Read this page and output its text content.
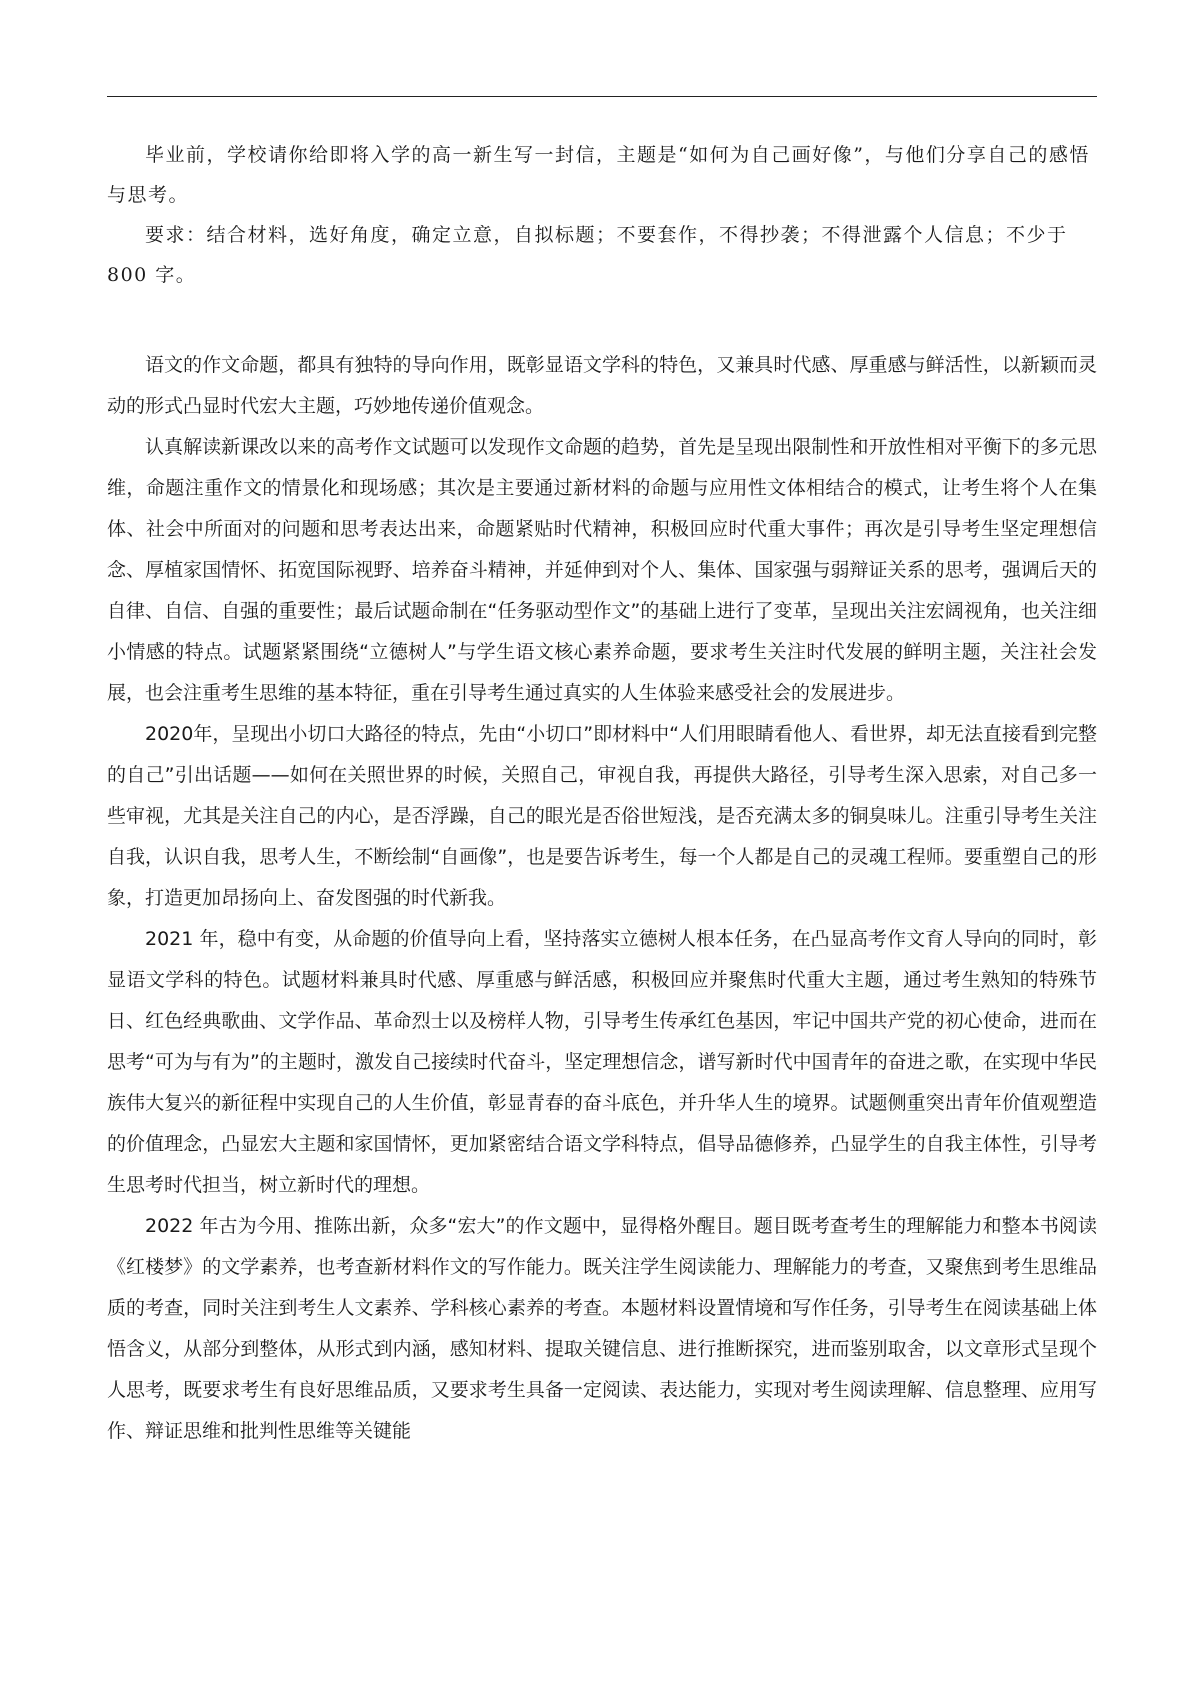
毕业前，学校请你给即将入学的高一新生写一封信，主题是“如何为自己画好像”，与他们分享自己的感悟与思考。

要求：结合材料，选好角度，确定立意，自拟标题；不要套作，不得抄袭；不得泄露个人信息；不少于 800 字。

语文的作文命题，都具有独特的导向作用，既彰显语文学科的特色，又兼具时代感、厚重感与鲜活性，以新颖而灵动的形式凸显时代宏大主题，巧妙地传递价值观念。

认真解读新课改以来的高考作文试题可以发现作文命题的趋势，首先是呈现出限制性和开放性相对平衡下的多元思维，命题注重作文的情景化和现场感；其次是主要通过新材料的命题与应用性文体相结合的模式，让考生将个人在集体、社会中所面对的问题和思考表达出来，命题紧贴时代精神，积极回应时代重大事件；再次是引导考生坚定理想信念、厚植家国情怀、拓宽国际视野、培养奋斗精神，并延伸到对个人、集体、国家强与弱辩证关系的思考，强调后天的自律、自信、自强的重要性；最后试题命制在“任务驱动型作文”的基础上进行了变革，呈现出关注宏阔视角，也关注细小情感的特点。试题紧紧围绕“立德树人”与学生语文核心素养命题，要求考生关注时代发展的鲜明主题，关注社会发展，也会注重考生思维的基本特征，重在引导考生通过真实的人生体验来感受社会的发展进步。

2020年，呈现出小切口大路径的特点，先由“小切口”即材料中“人们用眼睛看他人、看世界，却无法直接看到完整的自己”引出话题——如何在关照世界的时候，关照自己，审视自我，再提供大路径，引导考生深入思索，对自己多一些审视，尤其是关注自己的内心，是否浮躁，自己的眼光是否俗世短浅，是否充满太多的铜臭味儿。注重引导考生关注自我，认识自我，思考人生，不断绘制“自画像”，也是要告诉考生，每一个人都是自己的灵魂工程师。要重塑自己的形象，打造更加昂扬向上、奋发图强的时代新我。

2021 年，稳中有变，从命题的价值导向上看，坚持落实立德树人根本任务，在凸显高考作文育人导向的同时，彰显语文学科的特色。试题材料兼具时代感、厚重感与鲜活感，积极回应并聚焦时代重大主题，通过考生熟知的特殊节日、红色经典歌曲、文学作品、革命烈士以及榜样人物，引导考生传承红色基因，牢记中国共产党的初心使命，进而在思考“可为与有为”的主题时，激发自己接续时代奋斗，坚定理想信念，谱写新时代中国青年的奋进之歌，在实现中华民族伟大复兴的新征程中实现自己的人生价值，彰显青春的奋斗底色，并升华人生的境界。试题侧重突出青年价值观塑造的价值理念，凸显宏大主题和家国情怀，更加紧密结合语文学科特点，倡导品德修养，凸显学生的自我主体性，引导考生思考时代担当，树立新时代的理想。

2022 年古为今用、推陈出新，众多“宏大”的作文题中，显得格外醒目。题目既考查考生的理解能力和整本书阅读《红楼梦》的文学素养，也考查新材料作文的写作能力。既关注学生阅读能力、理解能力的考查，又聚焦到考生思维品质的考查，同时关注到考生人文素养、学科核心素养的考查。本题材料设置情境和写作任务，引导考生在阅读基础上体悟含义，从部分到整体，从形式到内涵，感知材料、提取关键信息、进行推断探究，进而鉴别取舍，以文章形式呈现个人思考，既要求考生有良好思维品质，又要求考生具备一定阅读、表达能力，实现对考生阅读理解、信息整理、应用写作、辩证思维和批判性思维等关键能
